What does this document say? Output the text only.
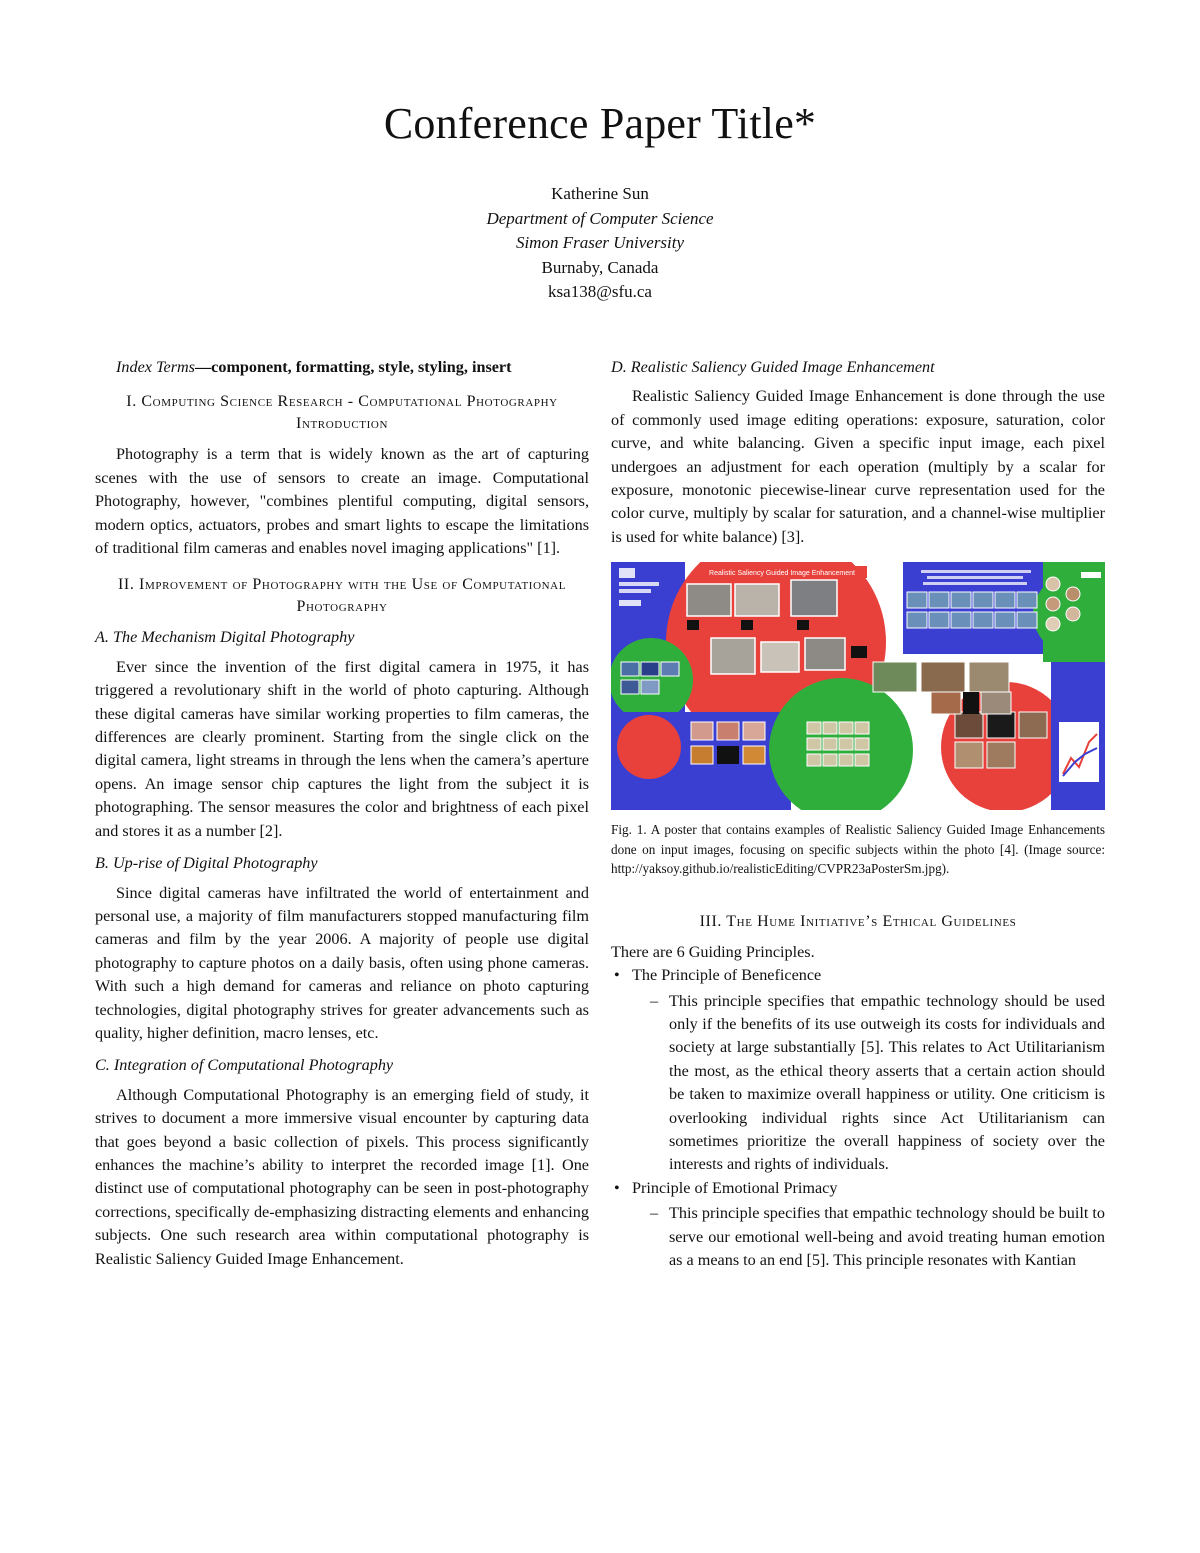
Conference Paper Title*
Katherine Sun
Department of Computer Science
Simon Fraser University
Burnaby, Canada
ksa138@sfu.ca

Index Terms—component, formatting, style, styling, insert

I. Computing Science Research - Computational Photography Introduction

Photography is a term that is widely known as the art of capturing scenes with the use of sensors to create an image. Computational Photography, however, "combines plentiful computing, digital sensors, modern optics, actuators, probes and smart lights to escape the limitations of traditional film cameras and enables novel imaging applications" [1].

II. Improvement of Photography with the Use of Computational Photography
A. The Mechanism Digital Photography

Ever since the invention of the first digital camera in 1975, it has triggered a revolutionary shift in the world of photo capturing. Although these digital cameras have similar working properties to film cameras, the differences are clearly prominent. Starting from the single click on the digital camera, light streams in through the lens when the camera’s aperture opens. An image sensor chip captures the light from the subject it is photographing. The sensor measures the color and brightness of each pixel and stores it as a number [2].

B. Up-rise of Digital Photography

Since digital cameras have infiltrated the world of entertainment and personal use, a majority of film manufacturers stopped manufacturing film cameras and film by the year 2006. A majority of people use digital photography to capture photos on a daily basis, often using phone cameras. With such a high demand for cameras and reliance on photo capturing technologies, digital photography strives for greater advancements such as quality, higher definition, macro lenses, etc.

C. Integration of Computational Photography

Although Computational Photography is an emerging field of study, it strives to document a more immersive visual encounter by capturing data that goes beyond a basic collection of pixels. This process significantly enhances the machine’s ability to interpret the recorded image [1]. One distinct use of computational photography can be seen in post-photography corrections, specifically de-emphasizing distracting elements and enhancing subjects. One such research area within computational photography is Realistic Saliency Guided Image Enhancement.

D. Realistic Saliency Guided Image Enhancement

Realistic Saliency Guided Image Enhancement is done through the use of commonly used image editing operations: exposure, saturation, color curve, and white balancing. Given a specific input image, each pixel undergoes an adjustment for each operation (multiply by a scalar for exposure, monotonic piecewise-linear curve representation used for the color curve, multiply by scalar for saturation, and a channel-wise multiplier is used for white balance) [3].

Realistic Saliency Guided Image Enhancement
Fig. 1. A poster that contains examples of Realistic Saliency Guided Image Enhancements done on input images, focusing on specific subjects within the photo [4]. (Image source: http://yaksoy.github.io/realisticEditing/CVPR23aPosterSm.jpg).
III. The Hume Initiative’s Ethical Guidelines

There are 6 Guiding Principles.

• The Principle of Beneficence
– This principle specifies that empathic technology should be used only if the benefits of its use outweigh its costs for individuals and society at large substantially [5]. This relates to Act Utilitarianism the most, as the ethical theory asserts that a certain action should be taken to maximize overall happiness or utility. One criticism is overlooking individual rights since Act Utilitarianism can sometimes prioritize the overall happiness of society over the interests and rights of individuals.
• Principle of Emotional Primacy
– This principle specifies that empathic technology should be built to serve our emotional well-being and avoid treating human emotion as a means to an end [5]. This principle resonates with Kantian
